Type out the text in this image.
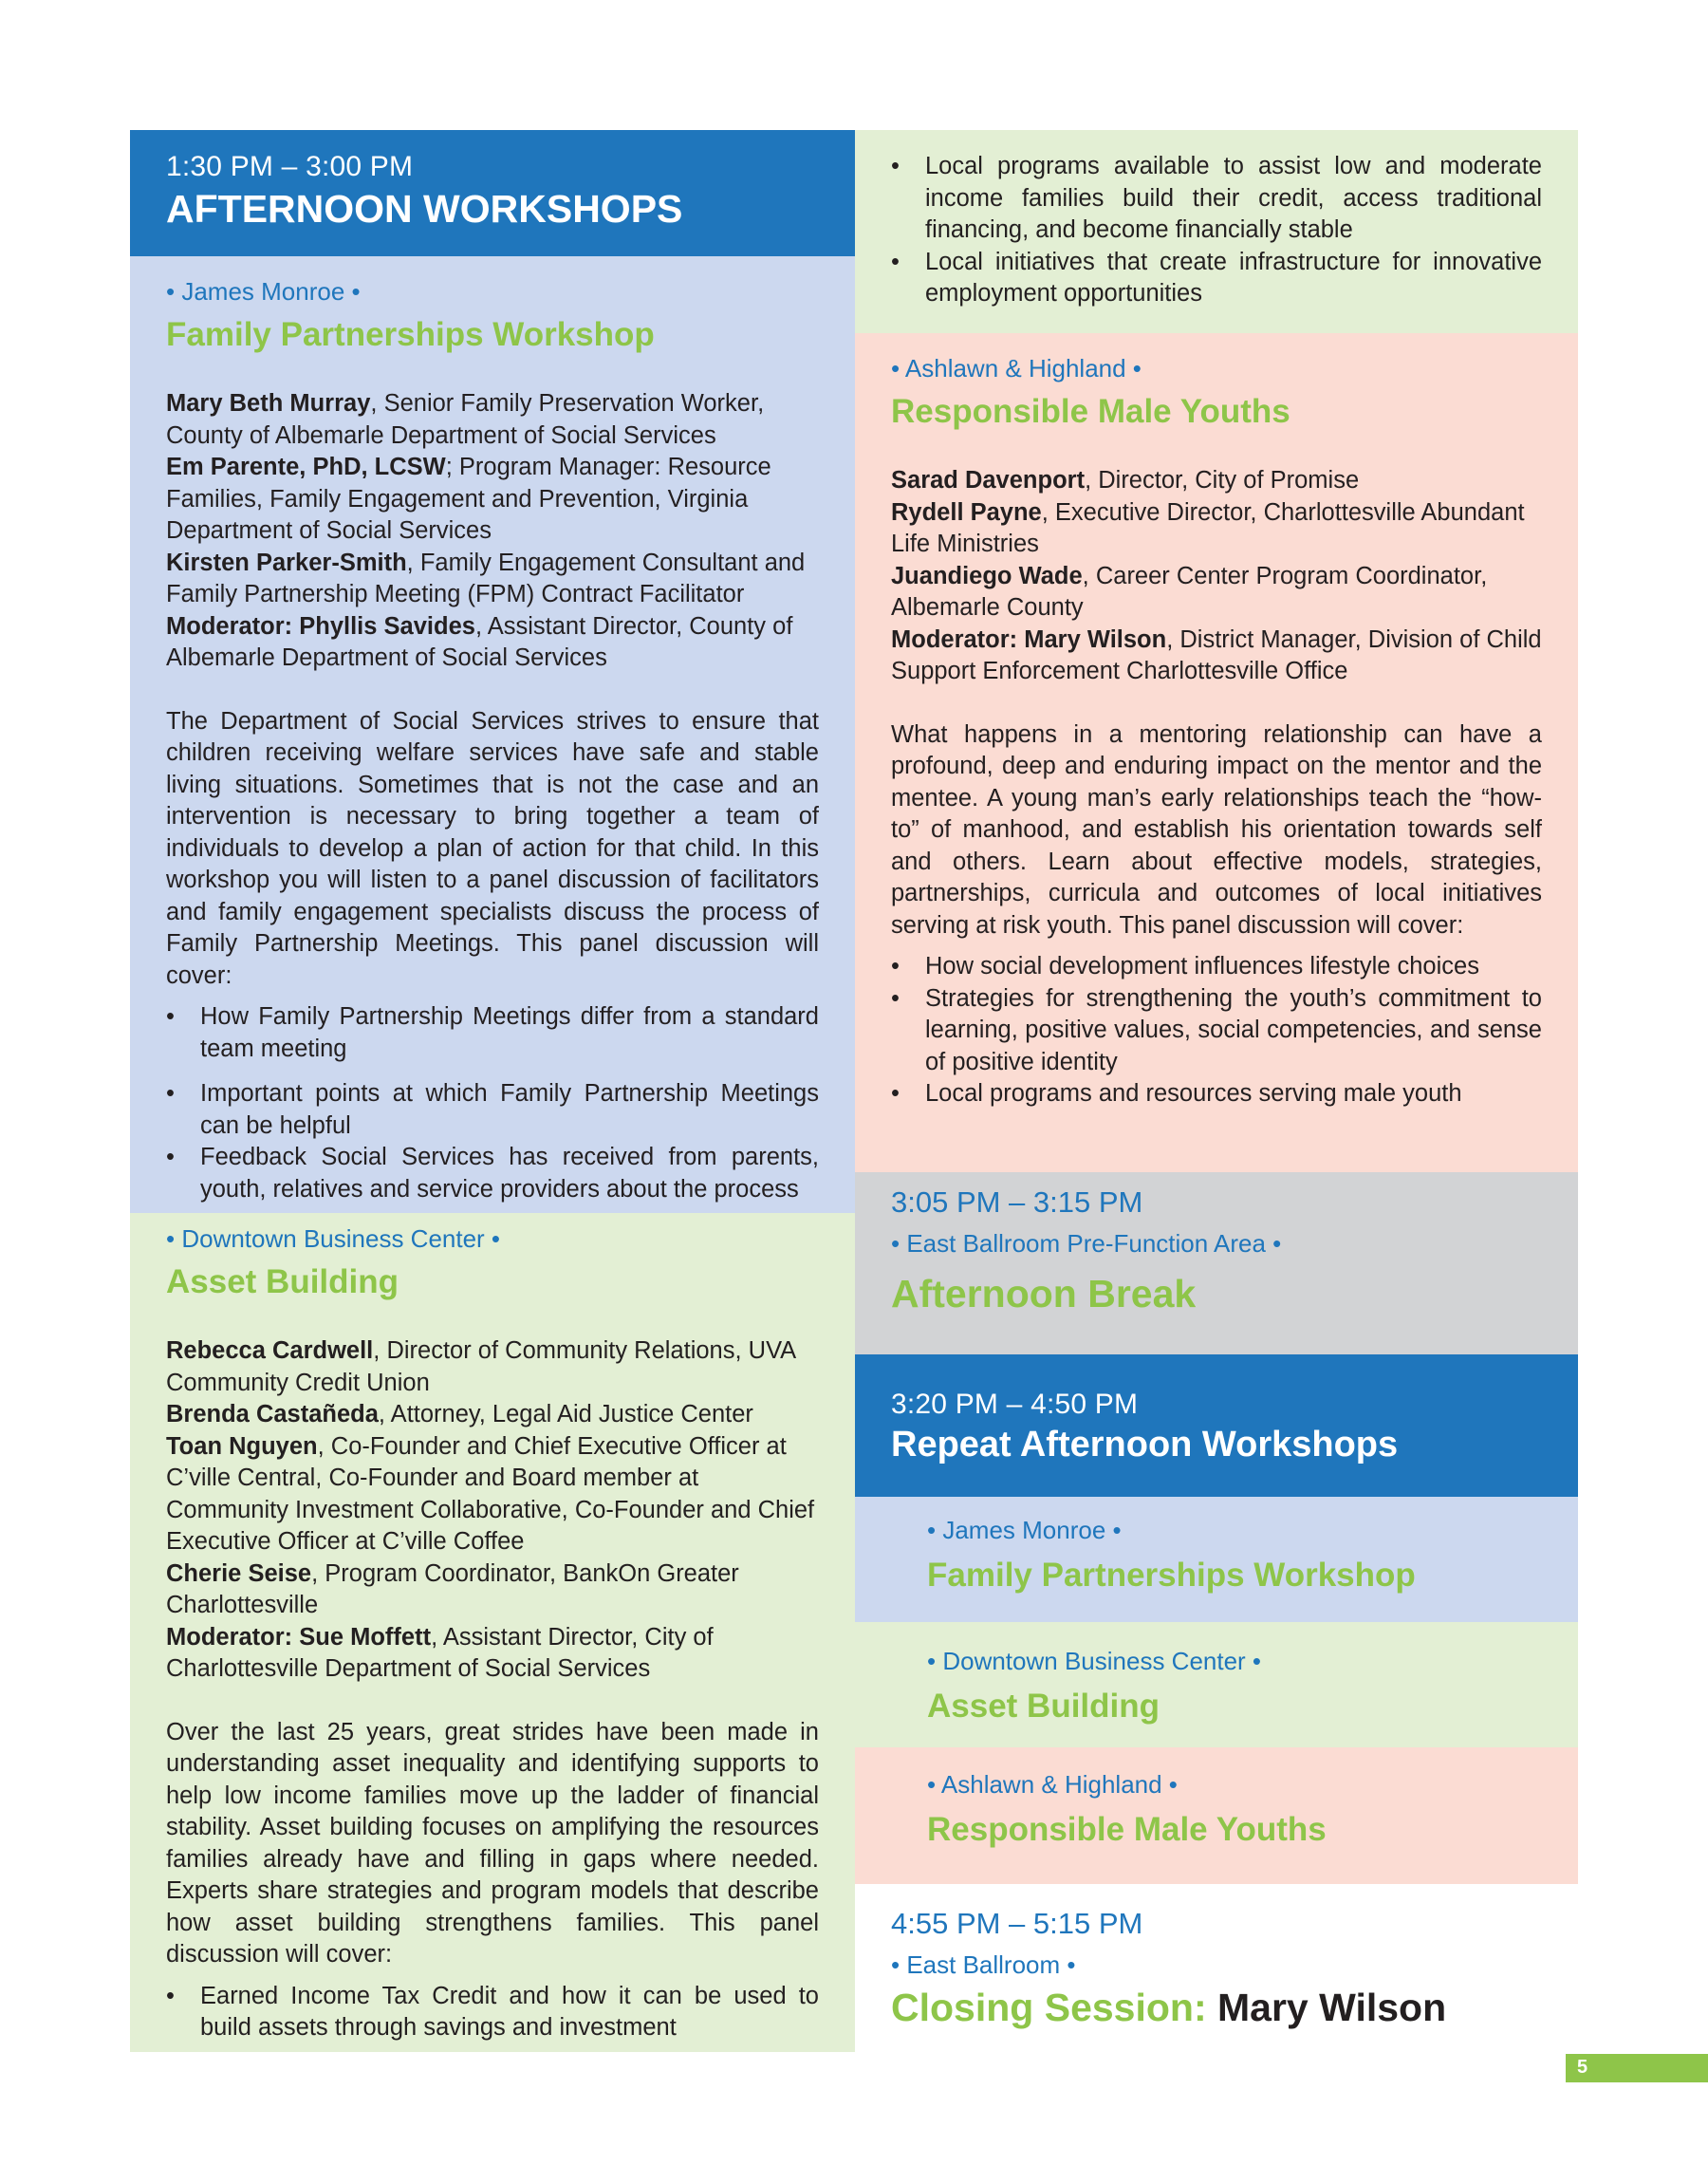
1:30 PM – 3:00 PM
AFTERNOON WORKSHOPS
• James Monroe •
Family Partnerships Workshop
Mary Beth Murray, Senior Family Preservation Worker, County of Albemarle Department of Social Services
Em Parente, PhD, LCSW; Program Manager: Resource Families, Family Engagement and Prevention, Virginia Department of Social Services
Kirsten Parker-Smith, Family Engagement Consultant and Family Partnership Meeting (FPM) Contract Facilitator
Moderator: Phyllis Savides, Assistant Director, County of Albemarle Department of Social Services
The Department of Social Services strives to ensure that children receiving welfare services have safe and stable living situations. Sometimes that is not the case and an intervention is necessary to bring together a team of individuals to develop a plan of action for that child. In this workshop you will listen to a panel discussion of facilitators and family engagement specialists discuss the process of Family Partnership Meetings. This panel discussion will cover:
• How Family Partnership Meetings differ from a standard team meeting
• Important points at which Family Partnership Meetings can be helpful
• Feedback Social Services has received from parents, youth, relatives and service providers about the process
• Downtown Business Center •
Asset Building
Rebecca Cardwell, Director of Community Relations, UVA Community Credit Union
Brenda Castañeda, Attorney, Legal Aid Justice Center
Toan Nguyen, Co-Founder and Chief Executive Officer at C’ville Central, Co-Founder and Board member at Community Investment Collaborative, Co-Founder and Chief Executive Officer at C’ville Coffee
Cherie Seise, Program Coordinator, BankOn Greater Charlottesville
Moderator: Sue Moffett, Assistant Director, City of Charlottesville Department of Social Services
Over the last 25 years, great strides have been made in understanding asset inequality and identifying supports to help low income families move up the ladder of financial stability. Asset building focuses on amplifying the resources families already have and filling in gaps where needed. Experts share strategies and program models that describe how asset building strengthens families. This panel discussion will cover:
• Earned Income Tax Credit and how it can be used to build assets through savings and investment
• Local programs available to assist low and moderate income families build their credit, access traditional financing, and become financially stable
• Local initiatives that create infrastructure for innovative employment opportunities
• Ashlawn & Highland •
Responsible Male Youths
Sarad Davenport, Director, City of Promise
Rydell Payne, Executive Director, Charlottesville Abundant Life Ministries
Juandiego Wade, Career Center Program Coordinator, Albemarle County
Moderator: Mary Wilson, District Manager, Division of Child Support Enforcement Charlottesville Office
What happens in a mentoring relationship can have a profound, deep and enduring impact on the mentor and the mentee. A young man’s early relationships teach the “how-to” of manhood, and establish his orientation towards self and others. Learn about effective models, strategies, partnerships, curricula and outcomes of local initiatives serving at risk youth. This panel discussion will cover:
• How social development influences lifestyle choices
• Strategies for strengthening the youth’s commitment to learning, positive values, social competencies, and sense of positive identity
• Local programs and resources serving male youth
3:05 PM – 3:15 PM
• East Ballroom Pre-Function Area •
Afternoon Break
3:20 PM – 4:50 PM
Repeat Afternoon Workshops
• James Monroe •
Family Partnerships Workshop
• Downtown Business Center •
Asset Building
• Ashlawn & Highland •
Responsible Male Youths
4:55 PM – 5:15 PM
• East Ballroom •
Closing Session: Mary Wilson
5
